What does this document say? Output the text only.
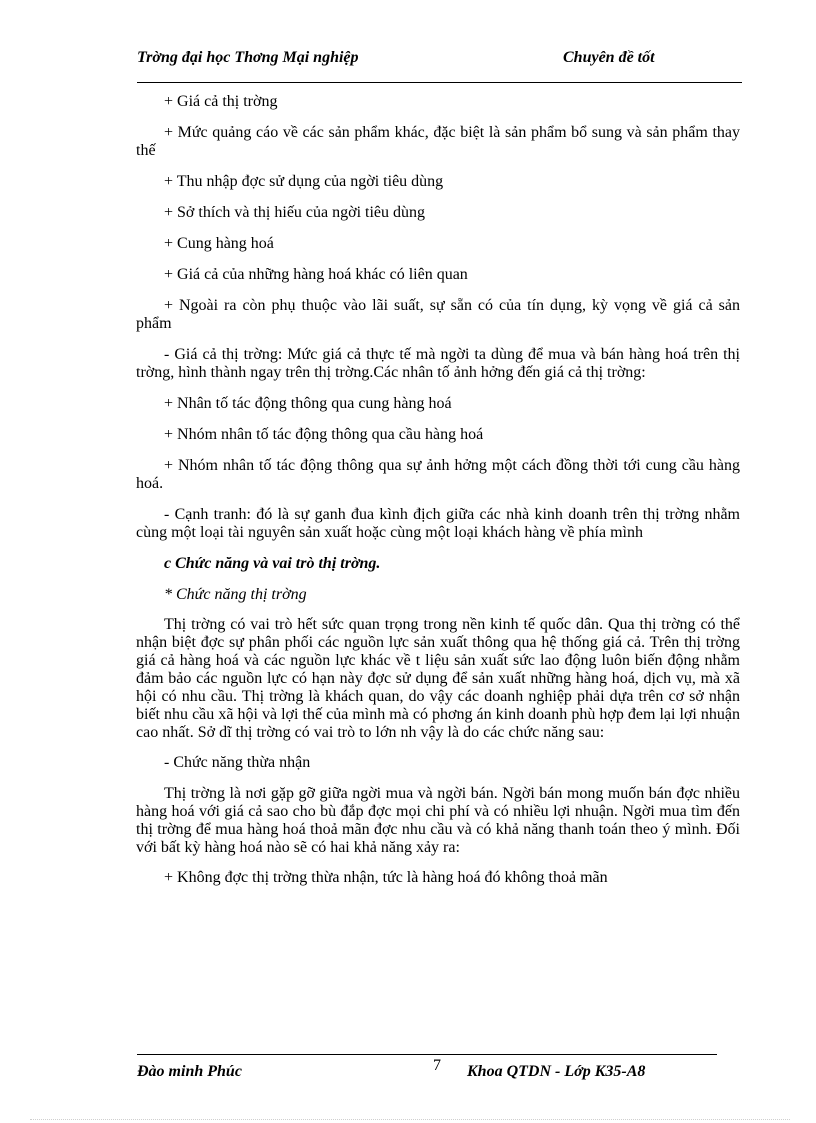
Trờng đại học Thơng Mại nghiệp	Chuyên đề tốt

+ Giá cả thị trờng

+ Mức quảng cáo về các sản phẩm khác, đặc biệt là sản phẩm bổ sung và sản phẩm thay thế

+ Thu nhập đợc sử dụng của ngời tiêu dùng

+ Sở thích và thị hiếu của ngời tiêu dùng

+ Cung hàng hoá

+ Giá cả của những hàng hoá khác có liên quan

+ Ngoài ra còn phụ thuộc vào lãi suất, sự sẵn có của tín dụng, kỳ vọng về giá cả sản phẩm

- Giá cả thị trờng: Mức giá cả thực tế mà ngời ta dùng để mua và bán hàng hoá trên thị trờng, hình thành ngay trên thị trờng.Các nhân tố ảnh hởng đến giá cả thị trờng:

+ Nhân tố tác động thông qua cung hàng hoá

+ Nhóm nhân tố tác động thông qua cầu hàng hoá

+ Nhóm nhân tố tác động thông qua sự ảnh hởng một cách đồng thời tới cung cầu hàng hoá.

- Cạnh tranh: đó là sự ganh đua kình địch giữa các nhà kinh doanh trên thị trờng nhằm cùng một loại tài nguyên sản xuất hoặc cùng một loại khách hàng về phía mình

c Chức năng và vai trò thị trờng.

* Chức năng thị trờng

Thị trờng có vai trò hết sức quan trọng trong nền kinh tế quốc dân. Qua thị trờng có thể nhận biệt đợc sự phân phối các nguồn lực sản xuất thông qua hệ thống giá cả. Trên thị trờng giá cả hàng hoá và các nguồn lực khác về t liệu sản xuất sức lao động luôn biến động nhằm đảm bảo các nguồn lực có hạn này đợc sử dụng để sản xuất những hàng hoá, dịch vụ, mà xã hội có nhu cầu. Thị trờng là khách quan, do vậy các doanh nghiệp phải dựa trên cơ sở nhận biết nhu cầu xã hội và lợi thế của mình mà có phơng án kinh doanh phù hợp đem lại lợi nhuận cao nhất. Sở dĩ thị trờng có vai trò to lớn nh vậy là do các chức năng sau:

- Chức năng thừa nhận

Thị trờng là nơi gặp gỡ giữa ngời mua và ngời bán. Ngời bán mong muốn bán đợc nhiều hàng hoá với giá cả sao cho bù đắp đợc mọi chi phí và có nhiều lợi nhuận. Ngời mua tìm đến thị trờng để mua hàng hoá thoả mãn đợc nhu cầu và có khả năng thanh toán theo ý mình. Đối với bất kỳ hàng hoá nào sẽ có hai khả năng xảy ra:

+ Không đợc thị trờng thừa nhận, tức là hàng hoá đó không thoả mãn

Đào minh Phúc	7 Khoa QTDN - Lớp K35-A8
